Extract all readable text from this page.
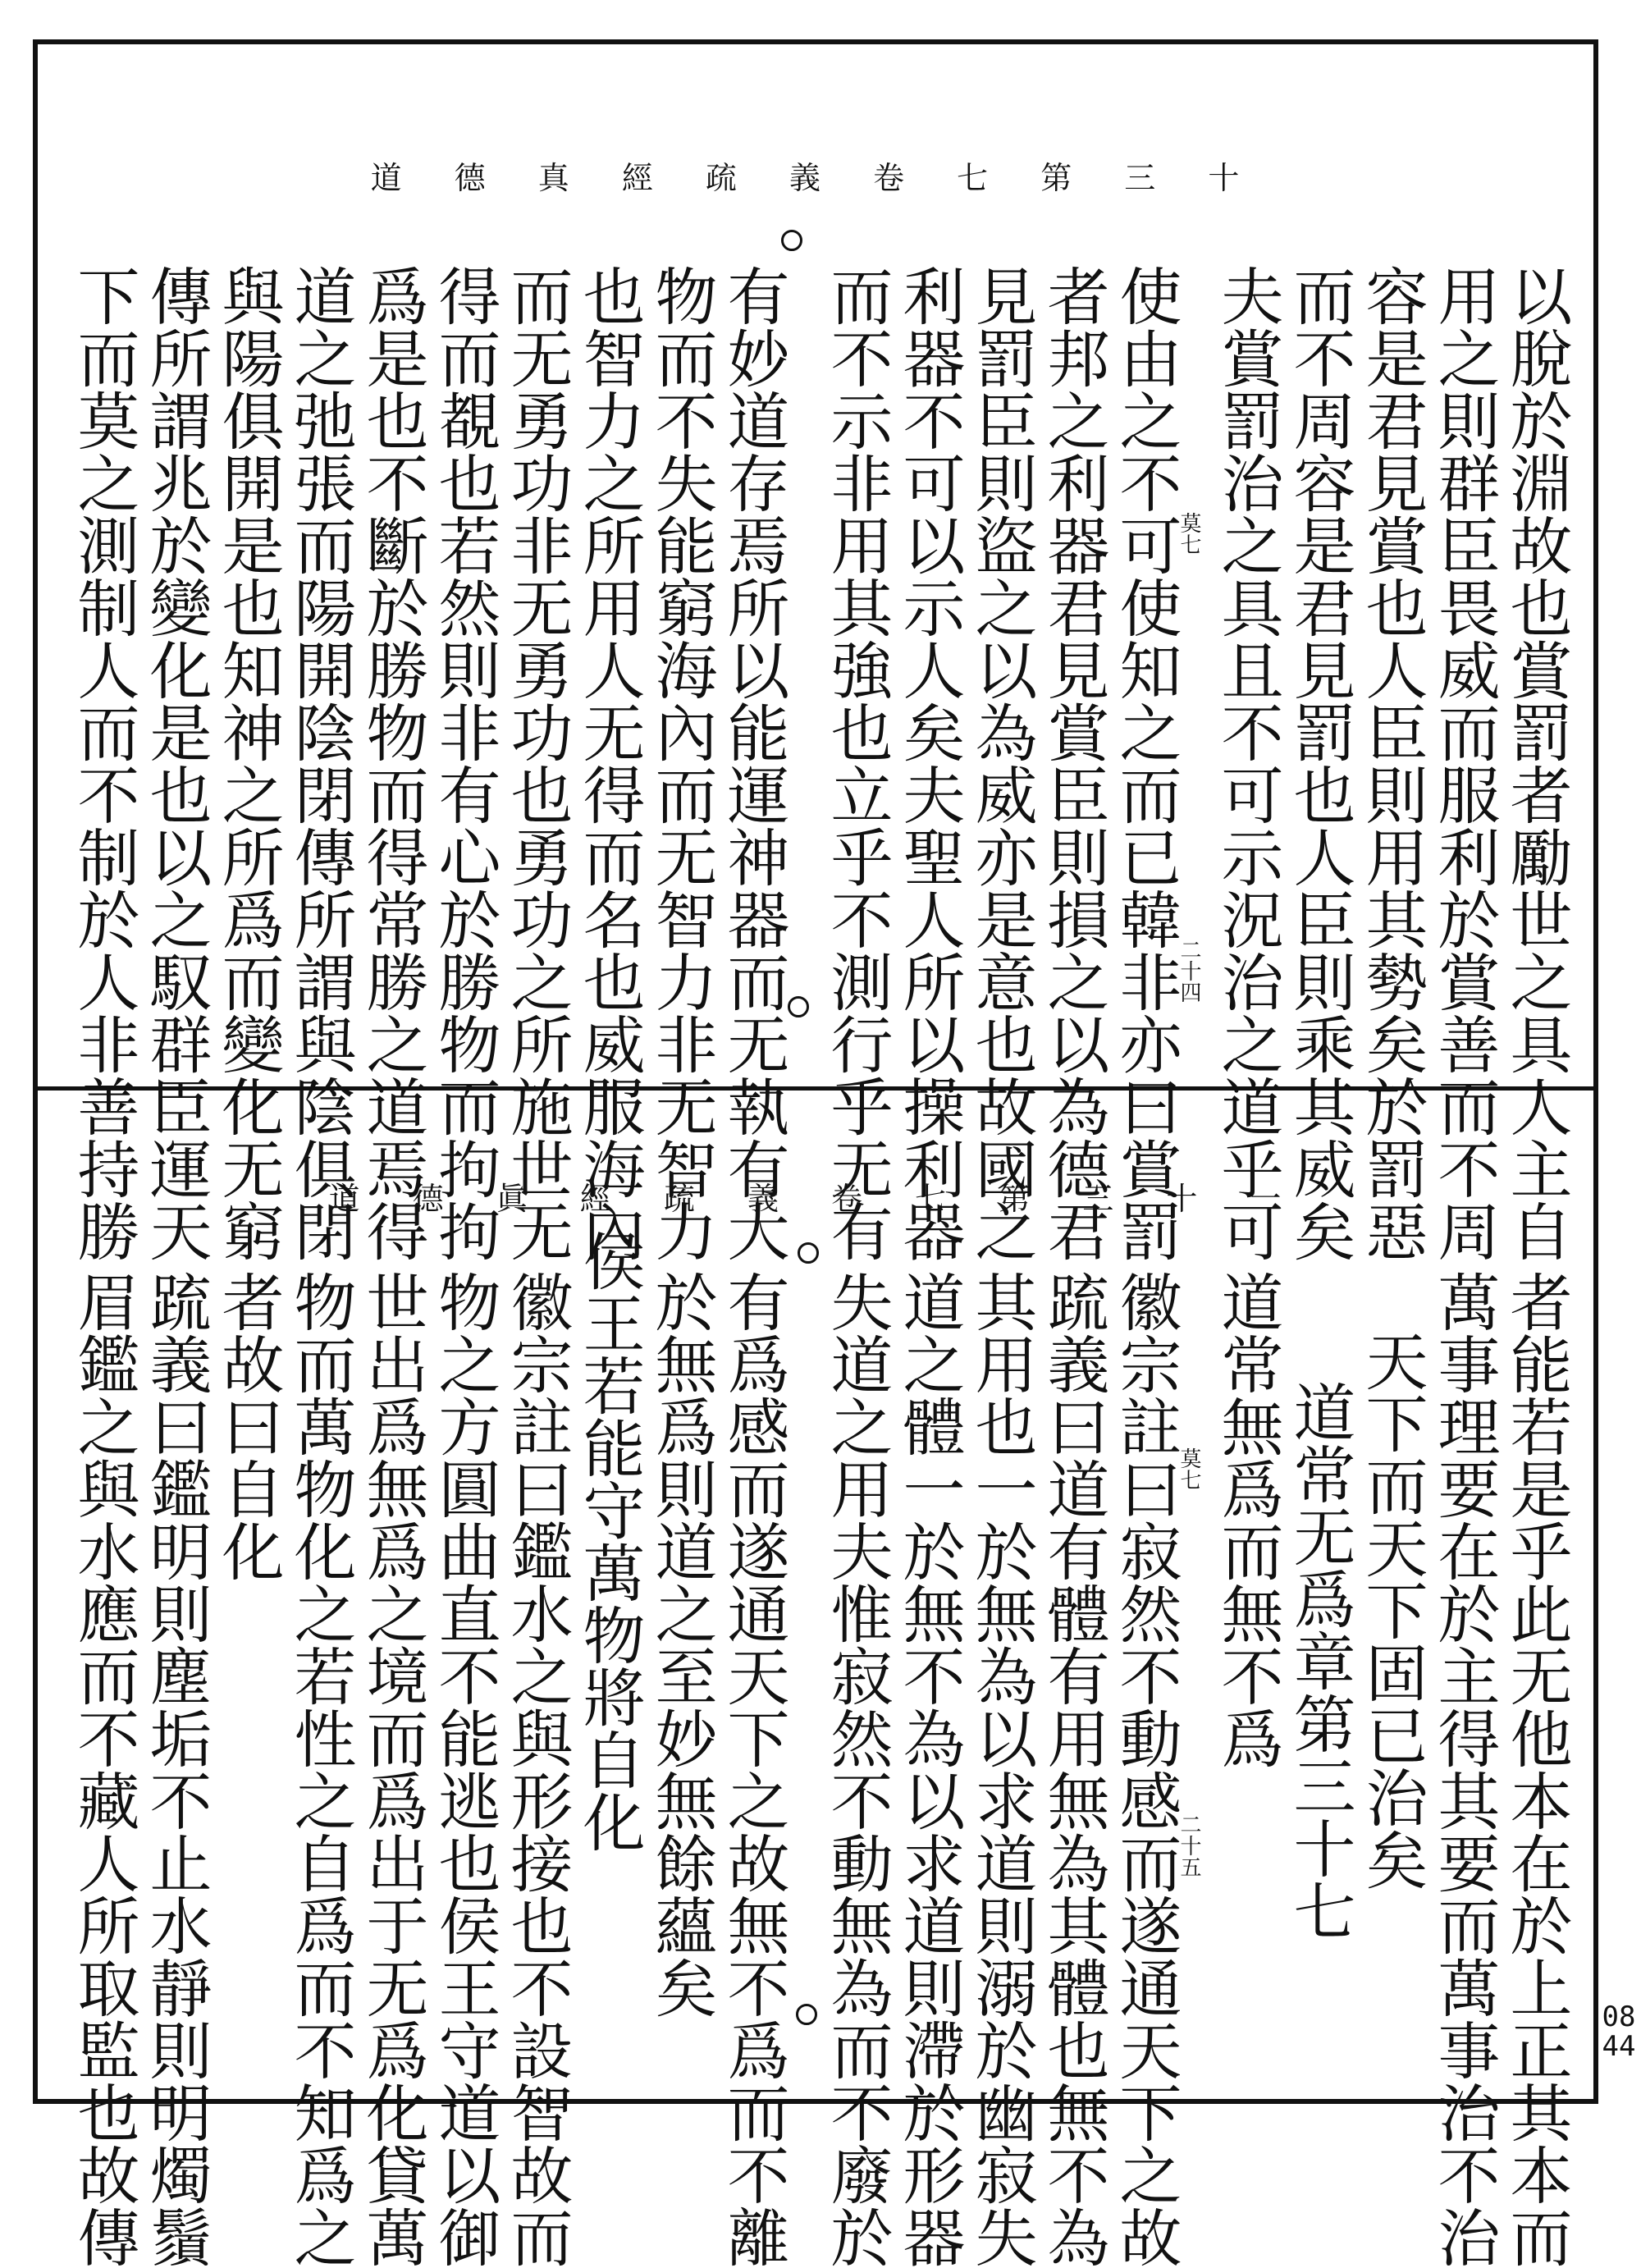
道 德 真 經 疏 義 卷 七 第 三 十
以脫於淵故也賞罰者勵世之具人主自
用之則群臣畏威而服利於賞善而不周
容是君見賞也人臣則用其勢矣於罰惡
而不周容是君見罰也人臣則乘其威矣
夫賞罰治之具且不可示況治之道乎可
莫七
二十四
使由之不可使知之而已韓非亦曰賞罰
者邦之利器君見賞臣則損之以為德君
見罰臣則盜之以為威亦是意也故國之
利器不可以示人矣夫聖人所以操利器
而不示非用其強也立乎不測行乎无有
有妙道存焉所以能運神器而无執有大
物而不失能窮海內而无智力非无智力
也智力之所用人无得而名也威服海內
而无勇功非无勇功也勇功之所施世无
得而覩也若然則非有心於勝物而拘拘
爲是也不斷於勝物而得常勝之道焉得
道之弛張而陽開陰閉傳所謂與陰俱閉
與陽俱開是也知神之所爲而變化无窮
傳所謂兆於變化是也以之馭群臣運天
下而莫之測制人而不制於人非善持勝	道 德 眞 經 疏 義 卷 七 第 三 十 一
者能若是乎此无他本在於上正其本而
萬事理要在於主得其要而萬事治不治
天下而天下固已治矣
道常无爲章第三十七
道常無爲而無不爲
莫七
二十五
徽宗註曰寂然不動感而遂通天下之故
䟽義曰道有體有用無為其體也無不為
其用也一於無為以求道則溺於幽寂失
道之體一於無不為以求道則滯於形器
失道之用夫惟寂然不動無為而不廢於
有爲感而遂通天下之故無不爲而不離
於無爲則道之至妙無餘蘊矣
侯王若能守萬物將自化
徽宗註曰鑑水之與形接也不設智故而
物之方圓曲直不能逃也侯王守道以御
世出爲無爲之境而爲出于无爲化貸萬
物而萬物化之若性之自爲而不知爲之
者故曰自化
䟽義曰鑑明則塵垢不止水靜則明燭鬚
眉鑑之與水應而不藏人所取監也故傳	0844
